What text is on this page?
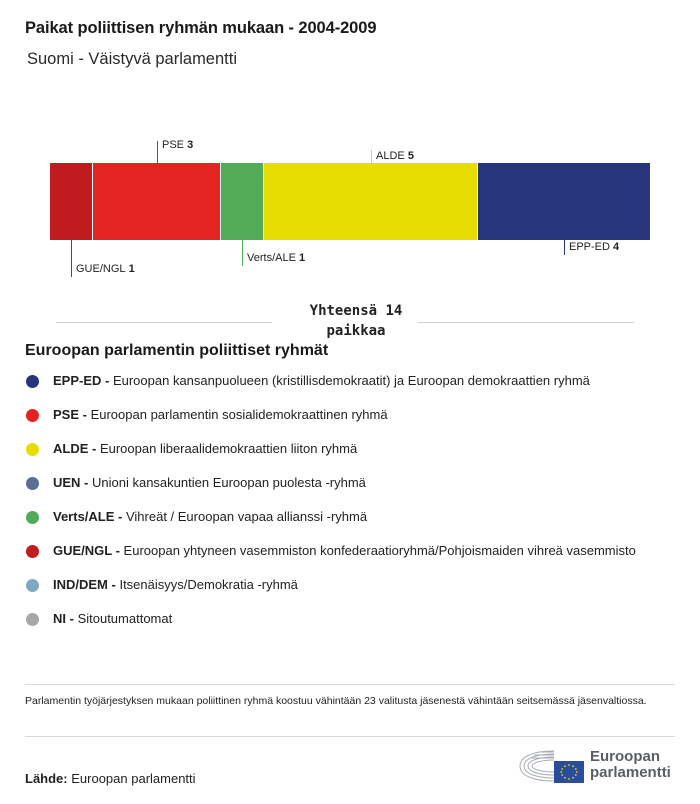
Paikat poliittisen ryhmän mukaan - 2004-2009
Suomi - Väistyvä parlamentti
PSE 3
ALDE 5
GUE/NGL 1
Verts/ALE 1
EPP-ED 4
Yhteensä 14
paikkaa
Euroopan parlamentin poliittiset ryhmät
EPP-ED - Euroopan kansanpuolueen (kristillisdemokraatit) ja Euroopan demokraattien ryhmä
PSE - Euroopan parlamentin sosialidemokraattinen ryhmä
ALDE - Euroopan liberaalidemokraattien liiton ryhmä
UEN - Unioni kansakuntien Euroopan puolesta -ryhmä
Verts/ALE - Vihreät / Euroopan vapaa allianssi -ryhmä
GUE/NGL - Euroopan yhtyneen vasemmiston konfederaatioryhmä/Pohjoismaiden vihreä vasemmisto
IND/DEM - Itsenäisyys/Demokratia -ryhmä
NI - Sitoutumattomat
Parlamentin työjärjestyksen mukaan poliittinen ryhmä koostuu vähintään 23 valitusta jäsenestä vähintään seitsemässä jäsenvaltiossa.
Lähde: Euroopan parlamentti
Euroopan
parlamentti
